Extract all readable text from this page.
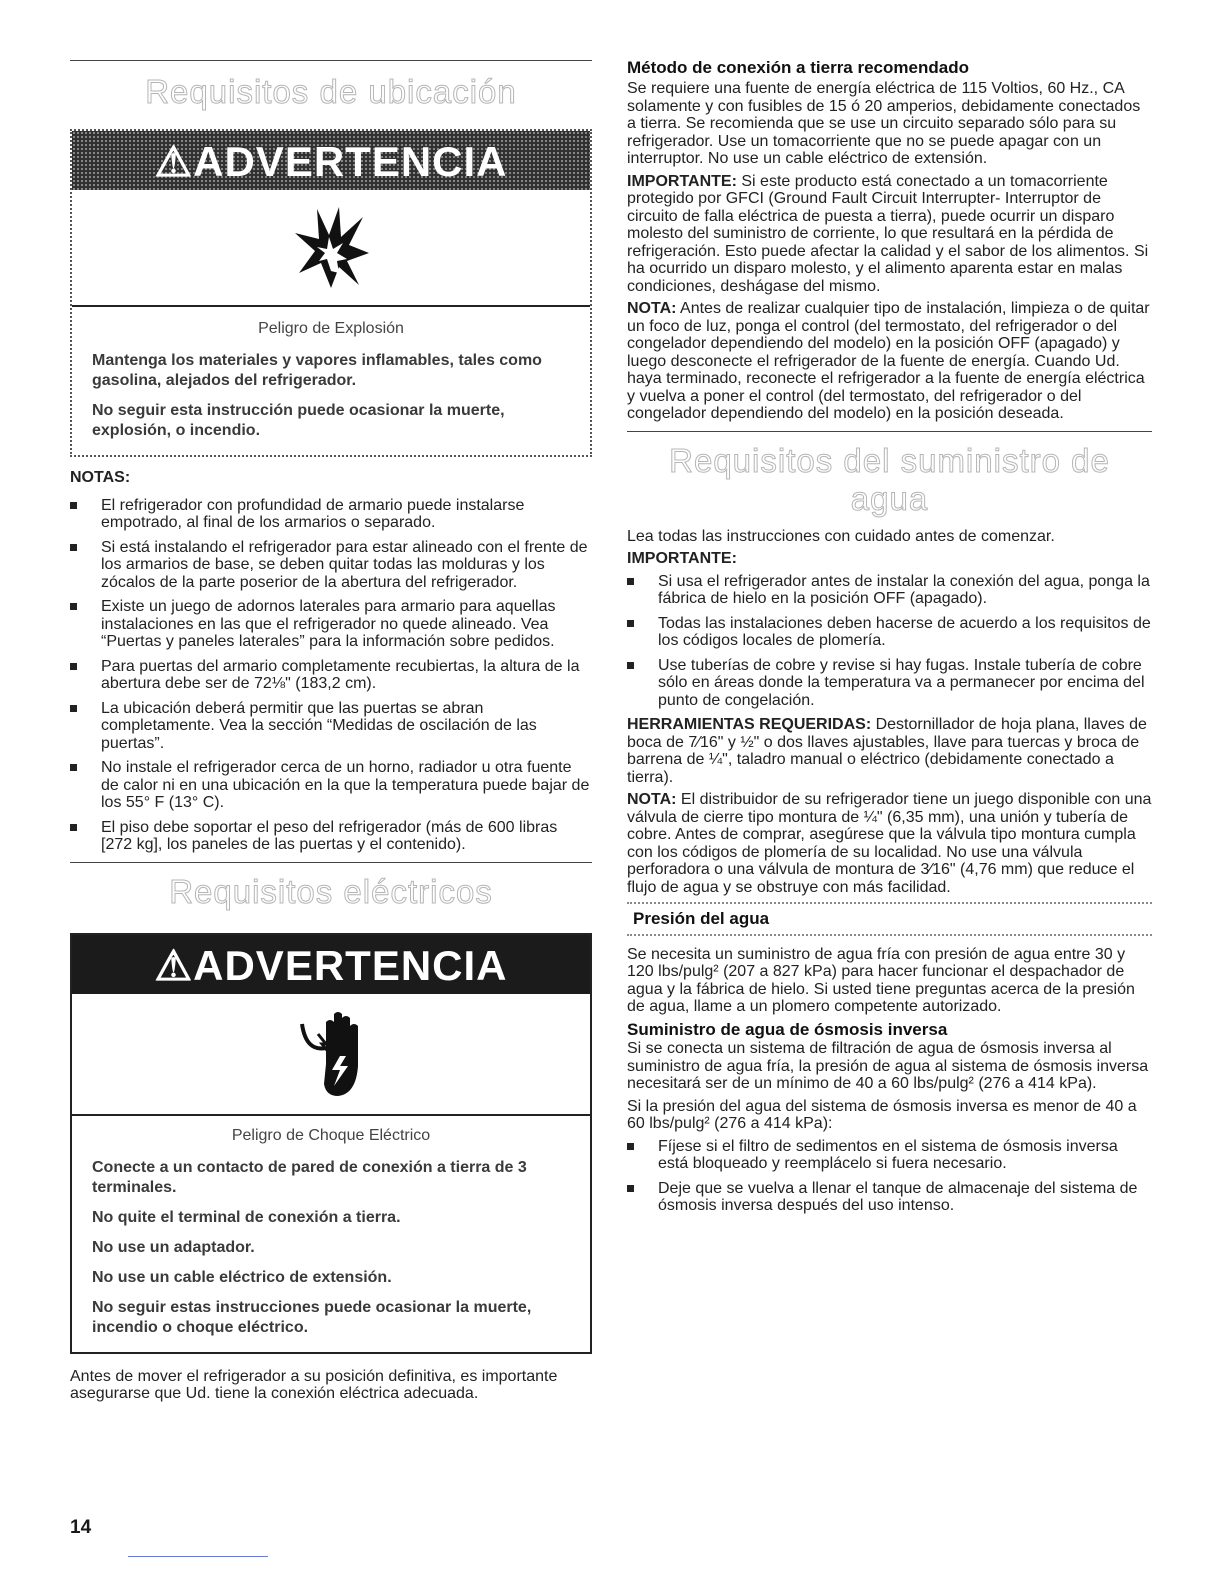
Requisitos de ubicación
⚠ADVERTENCIA
Peligro de Explosión

Mantenga los materiales y vapores inflamables, tales como gasolina, alejados del refrigerador.

No seguir esta instrucción puede ocasionar la muerte, explosión, o incendio.

NOTAS:
El refrigerador con profundidad de armario puede instalarse empotrado, al final de los armarios o separado.
Si está instalando el refrigerador para estar alineado con el frente de los armarios de base, se deben quitar todas las molduras y los zócalos de la parte poserior de la abertura del refrigerador.
Existe un juego de adornos laterales para armario para aquellas instalaciones en las que el refrigerador no quede alineado. Vea “Puertas y paneles laterales” para la información sobre pedidos.
Para puertas del armario completamente recubiertas, la altura de la abertura debe ser de 72⅛" (183,2 cm).
La ubicación deberá permitir que las puertas se abran completamente. Vea la sección “Medidas de oscilación de las puertas”.
No instale el refrigerador cerca de un horno, radiador u otra fuente de calor ni en una ubicación en la que la temperatura puede bajar de los 55° F (13° C).
El piso debe soportar el peso del refrigerador (más de 600 libras [272 kg], los paneles de las puertas y el contenido).
Requisitos eléctricos
⚠ADVERTENCIA
Peligro de Choque Eléctrico

Conecte a un contacto de pared de conexión a tierra de 3 terminales.

No quite el terminal de conexión a tierra.

No use un adaptador.

No use un cable eléctrico de extensión.

No seguir estas instrucciones puede ocasionar la muerte, incendio o choque eléctrico.

Antes de mover el refrigerador a su posición definitiva, es importante asegurarse que Ud. tiene la conexión eléctrica adecuada.
Método de conexión a tierra recomendado

Se requiere una fuente de energía eléctrica de 115 Voltios, 60 Hz., CA solamente y con fusibles de 15 ó 20 amperios, debidamente conectados a tierra. Se recomienda que se use un circuito separado sólo para su refrigerador. Use un tomacorriente que no se puede apagar con un interruptor. No use un cable eléctrico de extensión.

IMPORTANTE: Si este producto está conectado a un tomacorriente protegido por GFCI (Ground Fault Circuit Interrupter- Interruptor de circuito de falla eléctrica de puesta a tierra), puede ocurrir un disparo molesto del suministro de corriente, lo que resultará en la pérdida de refrigeración. Esto puede afectar la calidad y el sabor de los alimentos. Si ha ocurrido un disparo molesto, y el alimento aparenta estar en malas condiciones, deshágase del mismo.

NOTA: Antes de realizar cualquier tipo de instalación, limpieza o de quitar un foco de luz, ponga el control (del termostato, del refrigerador o del congelador dependiendo del modelo) en la posición OFF (apagado) y luego desconecte el refrigerador de la fuente de energía. Cuando Ud. haya terminado, reconecte el refrigerador a la fuente de energía eléctrica y vuelva a poner el control (del termostato, del refrigerador o del congelador dependiendo del modelo) en la posición deseada.

Requisitos del suministro de agua

Lea todas las instrucciones con cuidado antes de comenzar.

IMPORTANTE:

Si usa el refrigerador antes de instalar la conexión del agua, ponga la fábrica de hielo en la posición OFF (apagado).
Todas las instalaciones deben hacerse de acuerdo a los requisitos de los códigos locales de plomería.
Use tuberías de cobre y revise si hay fugas. Instale tubería de cobre sólo en áreas donde la temperatura va a permanecer por encima del punto de congelación.

HERRAMIENTAS REQUERIDAS: Destornillador de hoja plana, llaves de boca de 7⁄16" y ½" o dos llaves ajustables, llave para tuercas y broca de barrena de ¼", taladro manual o eléctrico (debidamente conectado a tierra).

NOTA: El distribuidor de su refrigerador tiene un juego disponible con una válvula de cierre tipo montura de ¼" (6,35 mm), una unión y tubería de cobre. Antes de comprar, asegúrese que la válvula tipo montura cumpla con los códigos de plomería de su localidad. No use una válvula perforadora o una válvula de montura de 3⁄16" (4,76 mm) que reduce el flujo de agua y se obstruye con más facilidad.

Presión del agua

Se necesita un suministro de agua fría con presión de agua entre 30 y 120 lbs/pulg² (207 a 827 kPa) para hacer funcionar el despachador de agua y la fábrica de hielo. Si usted tiene preguntas acerca de la presión de agua, llame a un plomero competente autorizado.

Suministro de agua de ósmosis inversa

Si se conecta un sistema de filtración de agua de ósmosis inversa al suministro de agua fría, la presión de agua al sistema de ósmosis inversa necesitará ser de un mínimo de 40 a 60 lbs/pulg² (276 a 414 kPa).

Si la presión del agua del sistema de ósmosis inversa es menor de 40 a 60 lbs/pulg² (276 a 414 kPa):

Fíjese si el filtro de sedimentos en el sistema de ósmosis inversa está bloqueado y reemplácelo si fuera necesario.
Deje que se vuelva a llenar el tanque de almacenaje del sistema de ósmosis inversa después del uso intenso.
14
